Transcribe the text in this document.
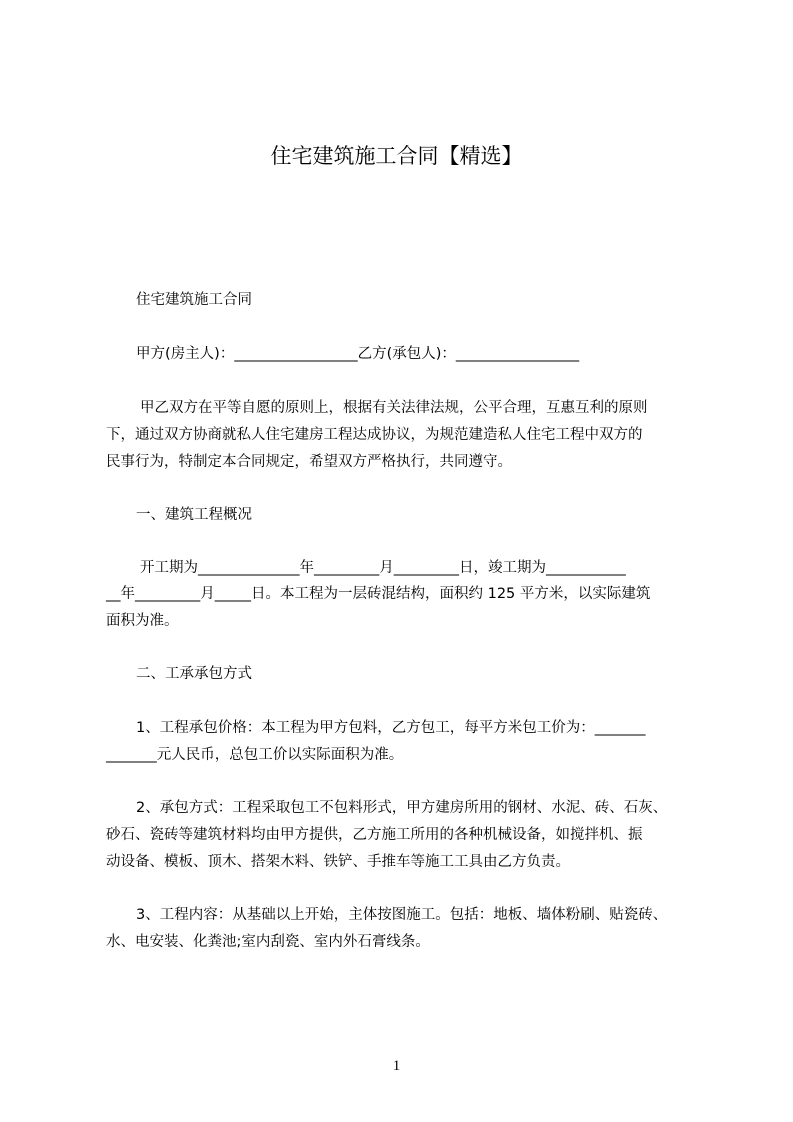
住宅建筑施工合同【精选】
住宅建筑施工合同
甲方(房主人)：_________________乙方(承包人)：_________________
甲乙双方在平等自愿的原则上，根据有关法律法规，公平合理，互惠互利的原则
下，通过双方协商就私人住宅建房工程达成协议，为规范建造私人住宅工程中双方的
民事行为，特制定本合同规定，希望双方严格执行，共同遵守。
一、建筑工程概况
开工期为______________年_________月_________日，竣工期为___________
__年_________月_____日。本工程为一层砖混结构，面积约 125 平方米，以实际建筑
面积为准。
二、工承承包方式
1、工程承包价格：本工程为甲方包料，乙方包工，每平方米包工价为：_______
_______元人民币，总包工价以实际面积为准。
2、承包方式：工程采取包工不包料形式，甲方建房所用的钢材、水泥、砖、石灰、
砂石、瓷砖等建筑材料均由甲方提供，乙方施工所用的各种机械设备，如搅拌机、振
动设备、模板、顶木、搭架木料、铁铲、手推车等施工工具由乙方负责。
3、工程内容：从基础以上开始，主体按图施工。包括：地板、墙体粉刷、贴瓷砖、
水、电安装、化粪池;室内刮瓷、室内外石膏线条。
1
